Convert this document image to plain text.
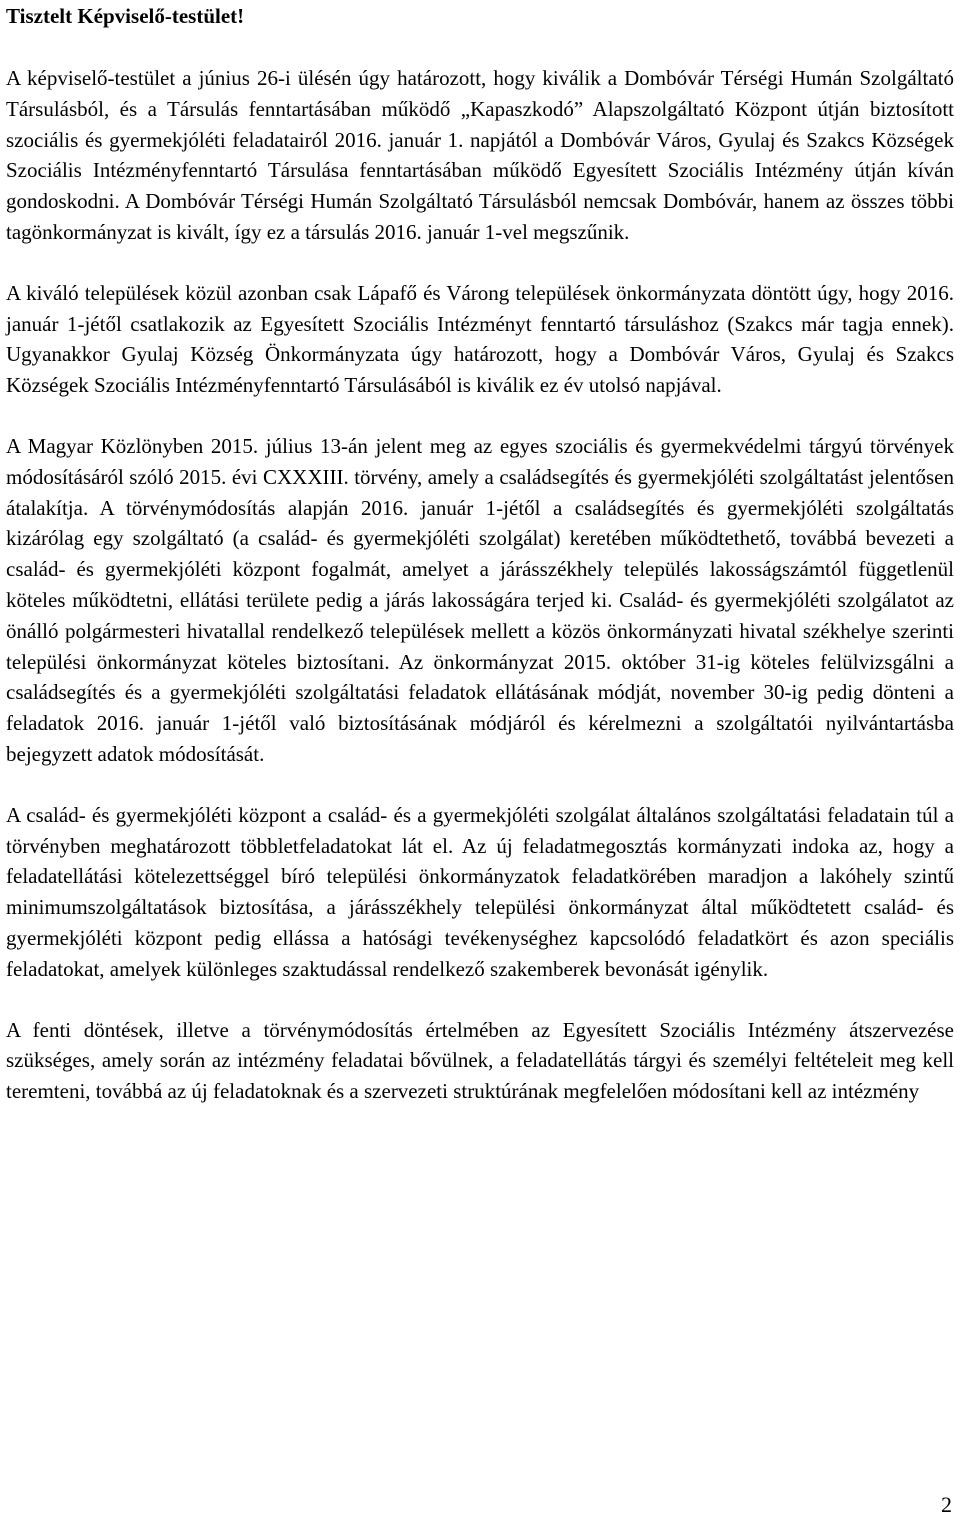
Tisztelt Képviselő-testület!

A képviselő-testület a június 26-i ülésén úgy határozott, hogy kiválik a Dombóvár Térségi Humán Szolgáltató Társulásból, és a Társulás fenntartásában működő „Kapaszkodó” Alapszolgáltató Központ útján biztosított szociális és gyermekjóléti feladatairól 2016. január 1. napjától a Dombóvár Város, Gyulaj és Szakcs Községek Szociális Intézményfenntartó Társulása fenntartásában működő Egyesített Szociális Intézmény útján kíván gondoskodni. A Dombóvár Térségi Humán Szolgáltató Társulásból nemcsak Dombóvár, hanem az összes többi tagönkormányzat is kivált, így ez a társulás 2016. január 1-vel megszűnik.

A kiváló települések közül azonban csak Lápafő és Várong települések önkormányzata döntött úgy, hogy 2016. január 1-jétől csatlakozik az Egyesített Szociális Intézményt fenntartó társuláshoz (Szakcs már tagja ennek). Ugyanakkor Gyulaj Község Önkormányzata úgy határozott, hogy a Dombóvár Város, Gyulaj és Szakcs Községek Szociális Intézményfenntartó Társulásából is kiválik ez év utolsó napjával.

A Magyar Közlönyben 2015. július 13-án jelent meg az egyes szociális és gyermekvédelmi tárgyú törvények módosításáról szóló 2015. évi CXXXIII. törvény, amely a családsegítés és gyermekjóléti szolgáltatást jelentősen átalakítja. A törvénymódosítás alapján 2016. január 1-jétől a családsegítés és gyermekjóléti szolgáltatás kizárólag egy szolgáltató (a család- és gyermekjóléti szolgálat) keretében működtethető, továbbá bevezeti a család- és gyermekjóléti központ fogalmát, amelyet a járásszékhely település lakosságszámtól függetlenül köteles működtetni, ellátási területe pedig a járás lakosságára terjed ki. Család- és gyermekjóléti szolgálatot az önálló polgármesteri hivatallal rendelkező települések mellett a közös önkormányzati hivatal székhelye szerinti települési önkormányzat köteles biztosítani. Az önkormányzat 2015. október 31-ig köteles felülvizsgálni a családsegítés és a gyermekjóléti szolgáltatási feladatok ellátásának módját, november 30-ig pedig dönteni a feladatok 2016. január 1-jétől való biztosításának módjáról és kérelmezni a szolgáltatói nyilvántartásba bejegyzett adatok módosítását.

A család- és gyermekjóléti központ a család- és a gyermekjóléti szolgálat általános szolgáltatási feladatain túl a törvényben meghatározott többletfeladatokat lát el. Az új feladatmegosztás kormányzati indoka az, hogy a feladatellátási kötelezettséggel bíró települési önkormányzatok feladatkörében maradjon a lakóhely szintű minimumszolgáltatások biztosítása, a járásszékhely települési önkormányzat által működtetett család- és gyermekjóléti központ pedig ellássa a hatósági tevékenységhez kapcsolódó feladatkört és azon speciális feladatokat, amelyek különleges szaktudással rendelkező szakemberek bevonását igénylik.

A fenti döntések, illetve a törvénymódosítás értelmében az Egyesített Szociális Intézmény átszervezése szükséges, amely során az intézmény feladatai bővülnek, a feladatellátás tárgyi és személyi feltételeit meg kell teremteni, továbbá az új feladatoknak és a szervezeti struktúrának megfelelően módosítani kell az intézmény

2
